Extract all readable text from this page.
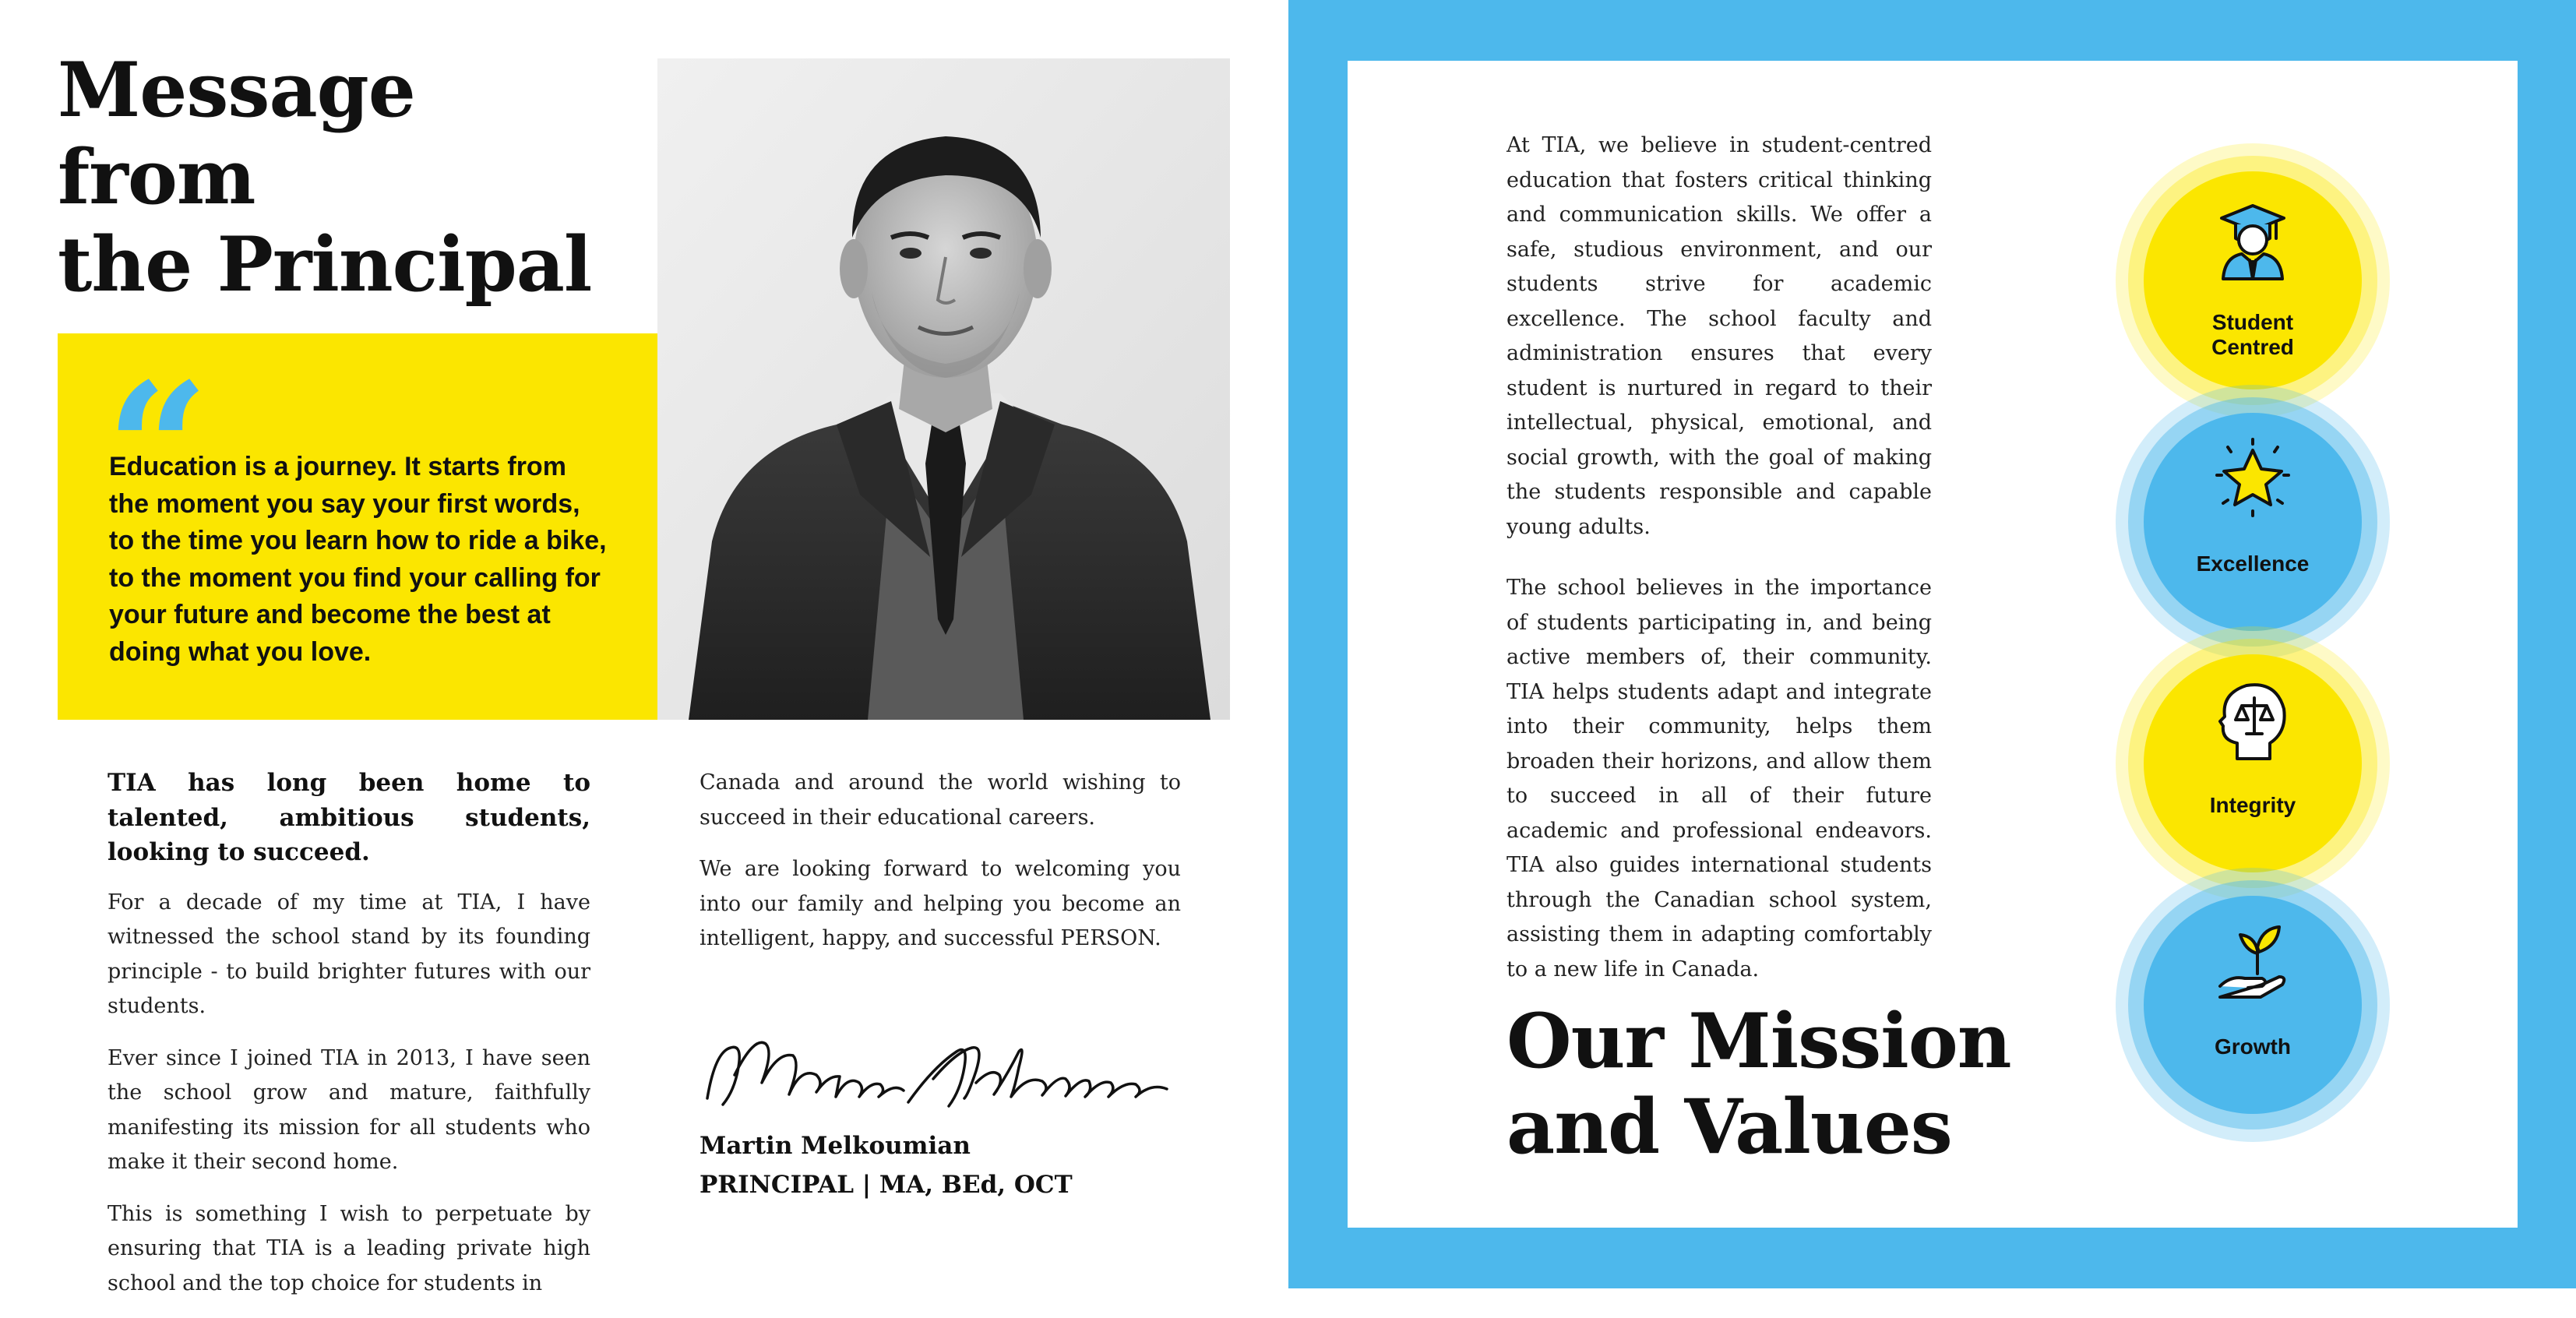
Message from
the Principal
“
Education is a journey. It starts from the moment you say your first words, to the time you learn how to ride a bike, to the moment you find your calling for your future and become the best at doing what you love.

TIA has long been home to talented, ambitious students, looking to succeed.

For a decade of my time at TIA, I have witnessed the school stand by its founding principle - to build brighter futures with our students.

Ever since I joined TIA in 2013, I have seen the school grow and mature, faithfully manifesting its mission for all students who make it their second home.

This is something I wish to perpetuate by ensuring that TIA is a leading private high school and the top choice for students in

Canada and around the world wishing to succeed in their educational careers.

We are looking forward to welcoming you into our family and helping you become an intelligent, happy, and successful PERSON.

Martin Melkoumian
PRINCIPAL | MA, BEd, OCT

At TIA, we believe in student-centred education that fosters critical thinking and communication skills. We offer a safe, studious environment, and our students strive for academic excellence. The school faculty and administration ensures that every student is nurtured in regard to their intellectual, physical, emotional, and social growth, with the goal of making the students responsible and capable young adults.

The school believes in the importance of students participating in, and being active members of, their community. TIA helps students adapt and integrate into their community, helps them broaden their horizons, and allow them to succeed in all of their future academic and professional endeavors. TIA also guides international students through the Canadian school system, assisting them in adapting comfortably to a new life in Canada.

Our Mission
and Values
Student
Centred
Excellence
Integrity
Growth
